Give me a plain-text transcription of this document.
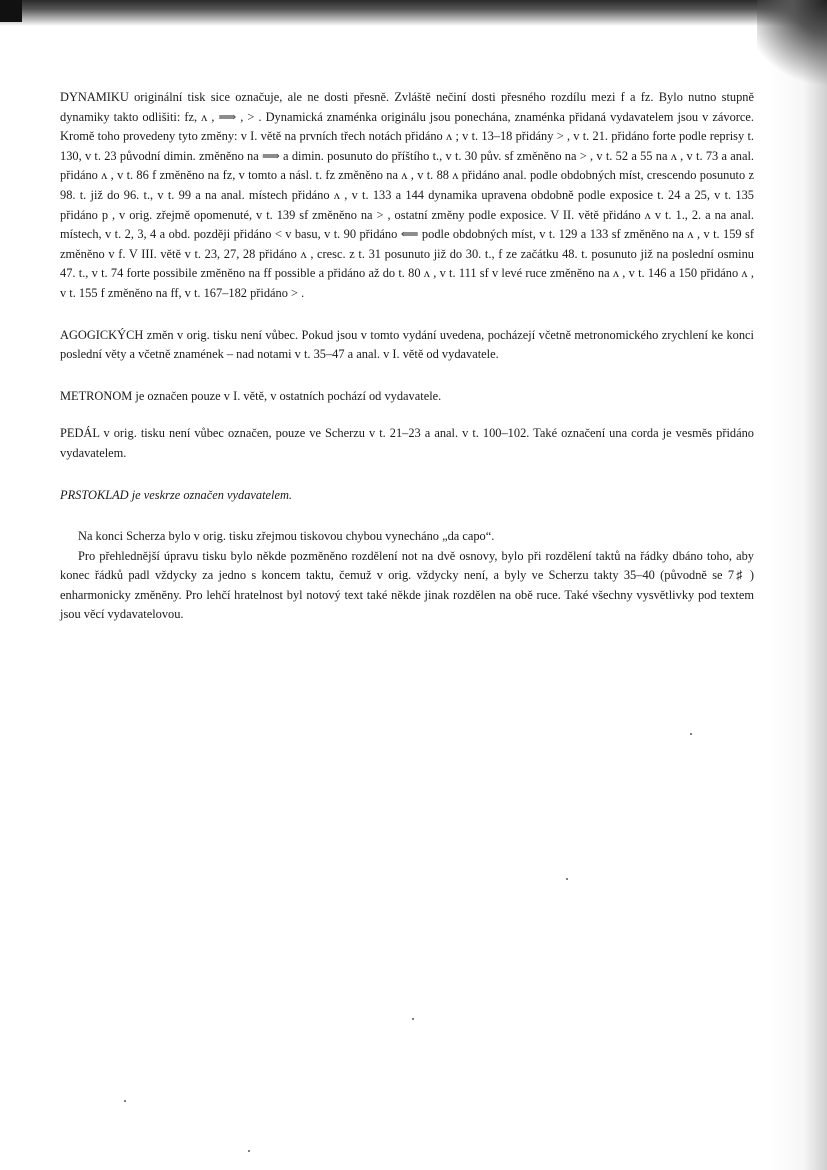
DYNAMIKU originální tisk sice označuje, ale ne dosti přesně. Zvláště nečiní dosti přesného rozdílu mezi f a fz. Bylo nutno stupně dynamiky takto odlišiti: fz, ʌ , ⟹ , > . Dynamická znaménka originálu jsou ponechána, znaménka přidaná vydavatelem jsou v závorce. Kromě toho provedeny tyto změny: v I. větě na prvních třech notách přidáno ʌ ; v t. 13–18 přidány > , v t. 21. přidáno forte podle reprisy t. 130, v t. 23 původní dimin. změněno na ⟹ a dimin. posunuto do příštího t., v t. 30 pův. sf změněno na > , v t. 52 a 55 na ʌ , v t. 73 a anal. přidáno ʌ , v t. 86 f změněno na fz, v tomto a násl. t. fz změněno na ʌ , v t. 88 ʌ přidáno anal. podle obdobných míst, crescendo posunuto z 98. t. již do 96. t., v t. 99 a na anal. místech přidáno ʌ , v t. 133 a 144 dynamika upravena obdobně podle exposice t. 24 a 25, v t. 135 přidáno p , v orig. zřejmě opomenuté, v t. 139 sf změněno na > , ostatní změny podle exposice. V II. větě přidáno ʌ v t. 1., 2. a na anal. místech, v t. 2, 3, 4 a obd. později přidáno < v basu, v t. 90 přidáno ⟸ podle obdobných míst, v t. 129 a 133 sf změněno na ʌ , v t. 159 sf změněno v f. V III. větě v t. 23, 27, 28 přidáno ʌ , cresc. z t. 31 posunuto již do 30. t., f ze začátku 48. t. posunuto již na poslední osminu 47. t., v t. 74 forte possibile změněno na ff possible a přidáno až do t. 80 ʌ , v t. 111 sf v levé ruce změněno na ʌ , v t. 146 a 150 přidáno ʌ , v t. 155 f změněno na ff, v t. 167–182 přidáno > .

AGOGICKÝCH změn v orig. tisku není vůbec. Pokud jsou v tomto vydání uvedena, pocházejí včetně metronomického zrychlení ke konci poslední věty a včetně znamének – nad notami v t. 35–47 a anal. v I. větě od vydavatele.

METRONOM je označen pouze v I. větě, v ostatních pochází od vydavatele.

PEDÁL v orig. tisku není vůbec označen, pouze ve Scherzu v t. 21–23 a anal. v t. 100–102. Také označení una corda je vesměs přidáno vydavatelem.

PRSTOKLAD je veskrze označen vydavatelem.

Na konci Scherza bylo v orig. tisku zřejmou tiskovou chybou vynecháno „da capo“.

Pro přehlednější úpravu tisku bylo někde pozměněno rozdělení not na dvě osnovy, bylo při rozdělení taktů na řádky dbáno toho, aby konec řádků padl vždycky za jedno s koncem taktu, čemuž v orig. vždycky není, a byly ve Scherzu takty 35–40 (původně se 7♯ ) enharmonicky změněny. Pro lehčí hratelnost byl notový text také někde jinak rozdělen na obě ruce. Také všechny vysvětlivky pod textem jsou věcí vydavatelovou.
